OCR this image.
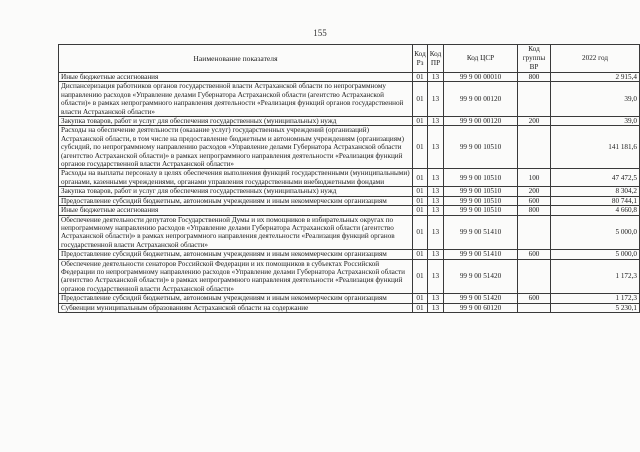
155
Наименование показателя	Код Рз	Код ПР	Код ЦСР	Код группы ВР	2022 год
Иные бюджетные ассигнования	01	13	99 9 00 00010	800	2 915,4
Диспансеризация работников органов государственной власти Астраханской области по непрограммному направлению расходов «Управление делами Губернатора Астраханской области (агентство Астраханской области)» в рамках непрограммного направления деятельности «Реализация функций органов государственной власти Астраханской области»	01	13	99 9 00 00120		39,0
Закупка товаров, работ и услуг для обеспечения государственных (муниципальных) нужд	01	13	99 9 00 00120	200	39,0
Расходы на обеспечение деятельности (оказание услуг) государственных учреждений (организаций) Астраханской области, в том числе на предоставление бюджетным и автономным учреждениям (организациям) субсидий, по непрограммному направлению расходов «Управление делами Губернатора Астраханской области (агентство Астраханской области)» в рамках непрограммного направления деятельности «Реализация функций органов государственной власти Астраханской области»	01	13	99 9 00 10510		141 181,6
Расходы на выплаты персоналу в целях обеспечения выполнения функций государственными (муниципальными) органами, казенными учреждениями, органами управления государственными внебюджетными фондами	01	13	99 9 00 10510	100	47 472,5
Закупка товаров, работ и услуг для обеспечения государственных (муниципальных) нужд	01	13	99 9 00 10510	200	8 304,2
Предоставление субсидий бюджетным, автономным учреждениям и иным некоммерческим организациям	01	13	99 9 00 10510	600	80 744,1
Иные бюджетные ассигнования	01	13	99 9 00 10510	800	4 660,8
Обеспечение деятельности депутатов Государственной Думы и их помощников в избирательных округах по непрограммному направлению расходов «Управление делами Губернатора Астраханской области (агентство Астраханской области)» в рамках непрограммного направления деятельности «Реализация функций органов государственной власти Астраханской области»	01	13	99 9 00 51410		5 000,0
Предоставление субсидий бюджетным, автономным учреждениям и иным некоммерческим организациям	01	13	99 9 00 51410	600	5 000,0
Обеспечение деятельности сенаторов Российской Федерации и их помощников в субъектах Российской Федерации по непрограммному направлению расходов «Управление делами Губернатора Астраханской области (агентство Астраханской области)» в рамках непрограммного направления деятельности «Реализация функций органов государственной власти Астраханской области»	01	13	99 9 00 51420		1 172,3
Предоставление субсидий бюджетным, автономным учреждениям и иным некоммерческим организациям	01	13	99 9 00 51420	600	1 172,3
Субвенции муниципальным образованиям Астраханской области на содержание	01	13	99 9 00 60120		5 230,1
